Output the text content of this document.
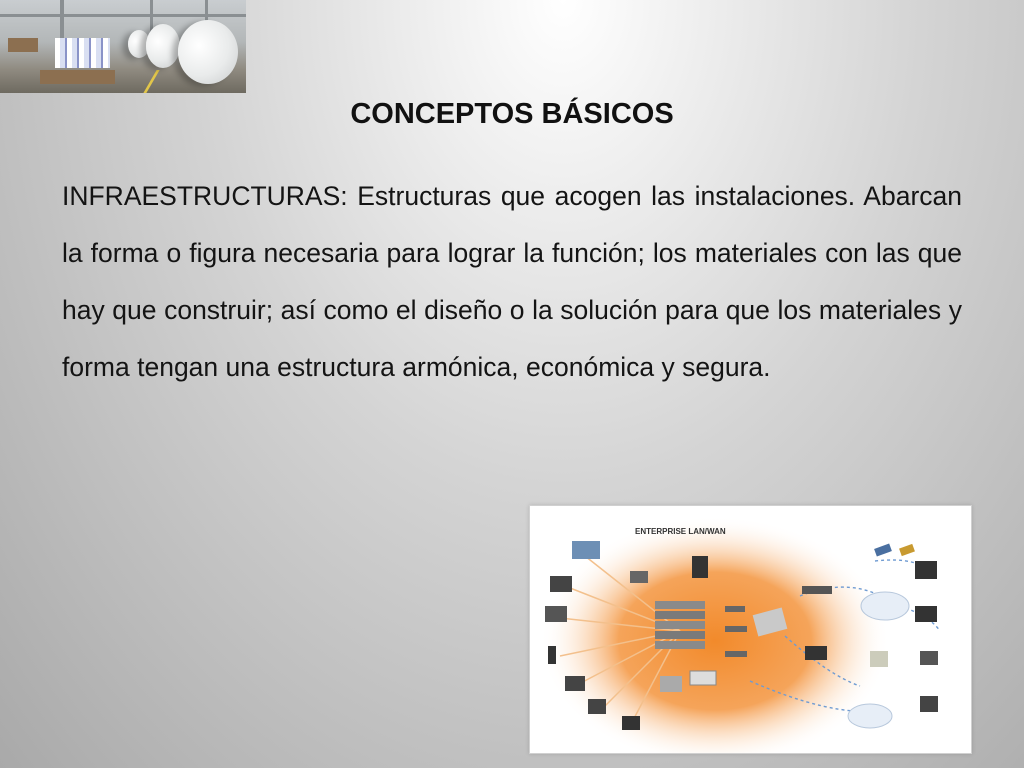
CONCEPTOS BÁSICOS
INFRAESTRUCTURAS: Estructuras que acogen las instalaciones. Abarcan la forma o figura necesaria para lograr la función; los materiales con las que hay que construir; así como el diseño o la solución para que los materiales y forma tengan una estructura armónica, económica y segura.
ENTERPRISE LAN/WAN
